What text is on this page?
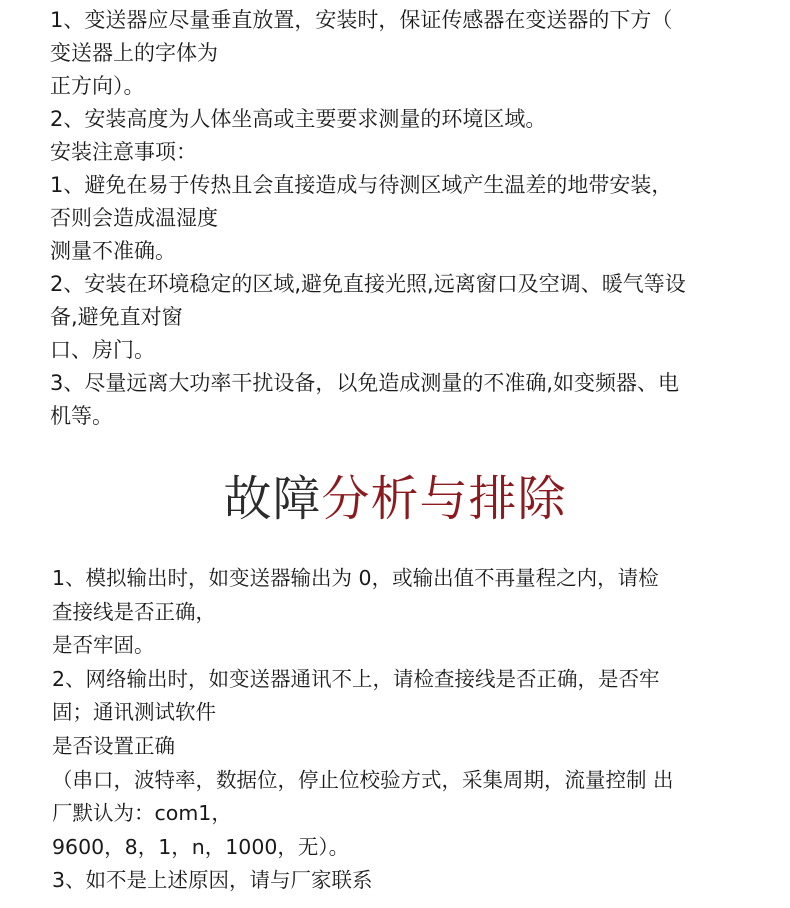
1、变送器应尽量垂直放置，安装时，保证传感器在变送器的下方（
变送器上的字体为
正方向）。
2、安装高度为人体坐高或主要要求测量的环境区域。
安装注意事项：
1、避免在易于传热且会直接造成与待测区域产生温差的地带安装，
否则会造成温湿度
测量不准确。
2、安装在环境稳定的区域,避免直接光照,远离窗口及空调、暖气等设
备,避免直对窗
口、房门。
3、尽量远离大功率干扰设备，以免造成测量的不准确,如变频器、电
机等。
故障分析与排除
1、模拟输出时，如变送器输出为 0，或输出值不再量程之内，请检
查接线是否正确，
是否牢固。
2、网络输出时，如变送器通讯不上，请检查接线是否正确，是否牢
固；通讯测试软件
是否设置正确
（串口，波特率，数据位，停止位校验方式，采集周期，流量控制 出
厂默认为：com1，
9600，8，1，n，1000，无）。
3、如不是上述原因，请与厂家联系
